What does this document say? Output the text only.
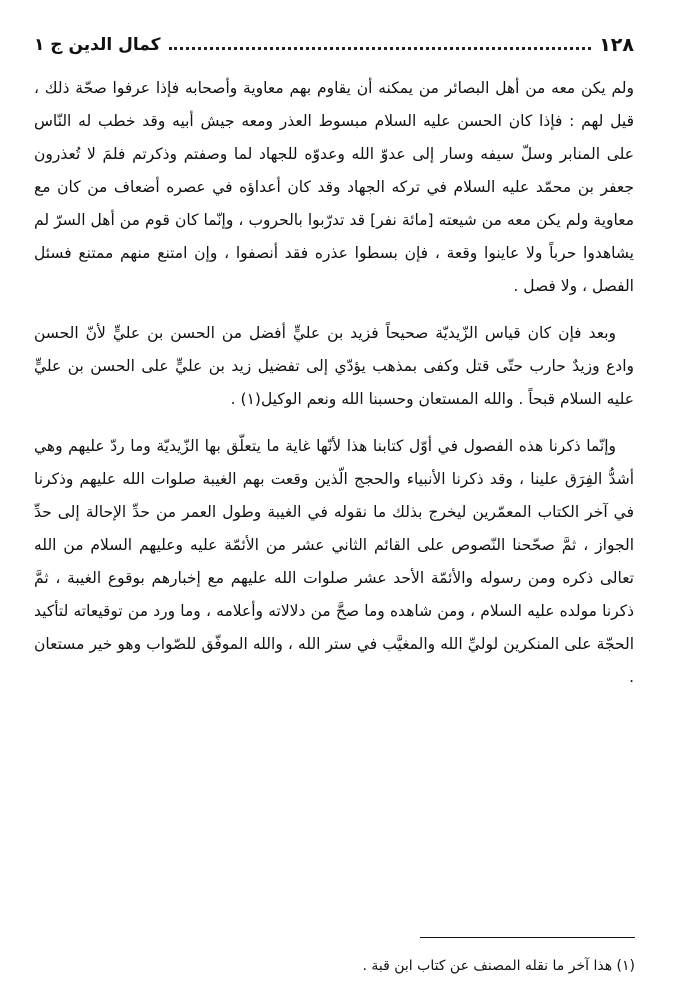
كمال الدين ج ١	١٢٨

ولم يكن معه من أهل البصائر من يمكنه أن يقاوم بهم معاوية وأصحابه فإذا عرفوا صحّة ذلك ، قيل لهم : فإذا كان الحسن عليه السلام مبسوط العذر ومعه جيش أبيه وقد خطب له النّاس على المنابر وسلّ سيفه وسار إلى عدوّ الله وعدوّه للجهاد لما وصفتم وذكرتم فلمَ لا تُعذرون جعفر بن محمّد عليه السلام في تركه الجهاد وقد كان أعداؤه في عصره أضعاف من كان مع معاوية ولم يكن معه من شيعته [مائة نفر] قد تدرّبوا بالحروب ، وإنّما كان قوم من أهل السرّ لم يشاهدوا حرباً ولا عاينوا وقعة ، فإن بسطوا عذره فقد أنصفوا ، وإن امتنع منهم ممتنع فسئل الفصل ، ولا فصل .

وبعد فإن كان قياس الزّيديّة صحيحاً فزيد بن عليٍّ أفضل من الحسن بن عليٍّ لأنّ الحسن وادع وزيدٌ حارب حتّى قتل وكفى بمذهب يؤدّي إلى تفضيل زيد بن عليٍّ على الحسن بن عليٍّ عليه السلام قبحاً . والله المستعان وحسبنا الله ونعم الوكيل(١) .

وإنّما ذكرنا هذه الفصول في أوّل كتابنا هذا لأنّها غاية ما يتعلّق بها الزّيديّة وما ردّ عليهم وهي أشدُّ الفِرَق علينا ، وقد ذكرنا الأنبياء والحجج الّذين وقعت بهم الغيبة صلوات الله عليهم وذكرنا في آخر الكتاب المعمّرين ليخرج بذلك ما نقوله في الغيبة وطول العمر من حدِّ الإحالة إلى حدِّ الجواز ، ثمَّ صحّحنا النّصوص على القائم الثاني عشر من الأئمّة عليه وعليهم السلام من الله تعالى ذكره ومن رسوله والأئمّة الأحد عشر صلوات الله عليهم مع إخبارهم بوقوع الغيبة ، ثمَّ ذكرنا مولده عليه السلام ، ومن شاهده وما صحَّ من دلالاته وأعلامه ، وما ورد من توقيعاته لتأكيد الحجّة على المنكرين لوليِّ الله والمغيَّب في ستر الله ، والله الموفّق للصّواب وهو خير مستعان .

(١) هذا آخر ما نقله المصنف عن كتاب ابن قبة .
